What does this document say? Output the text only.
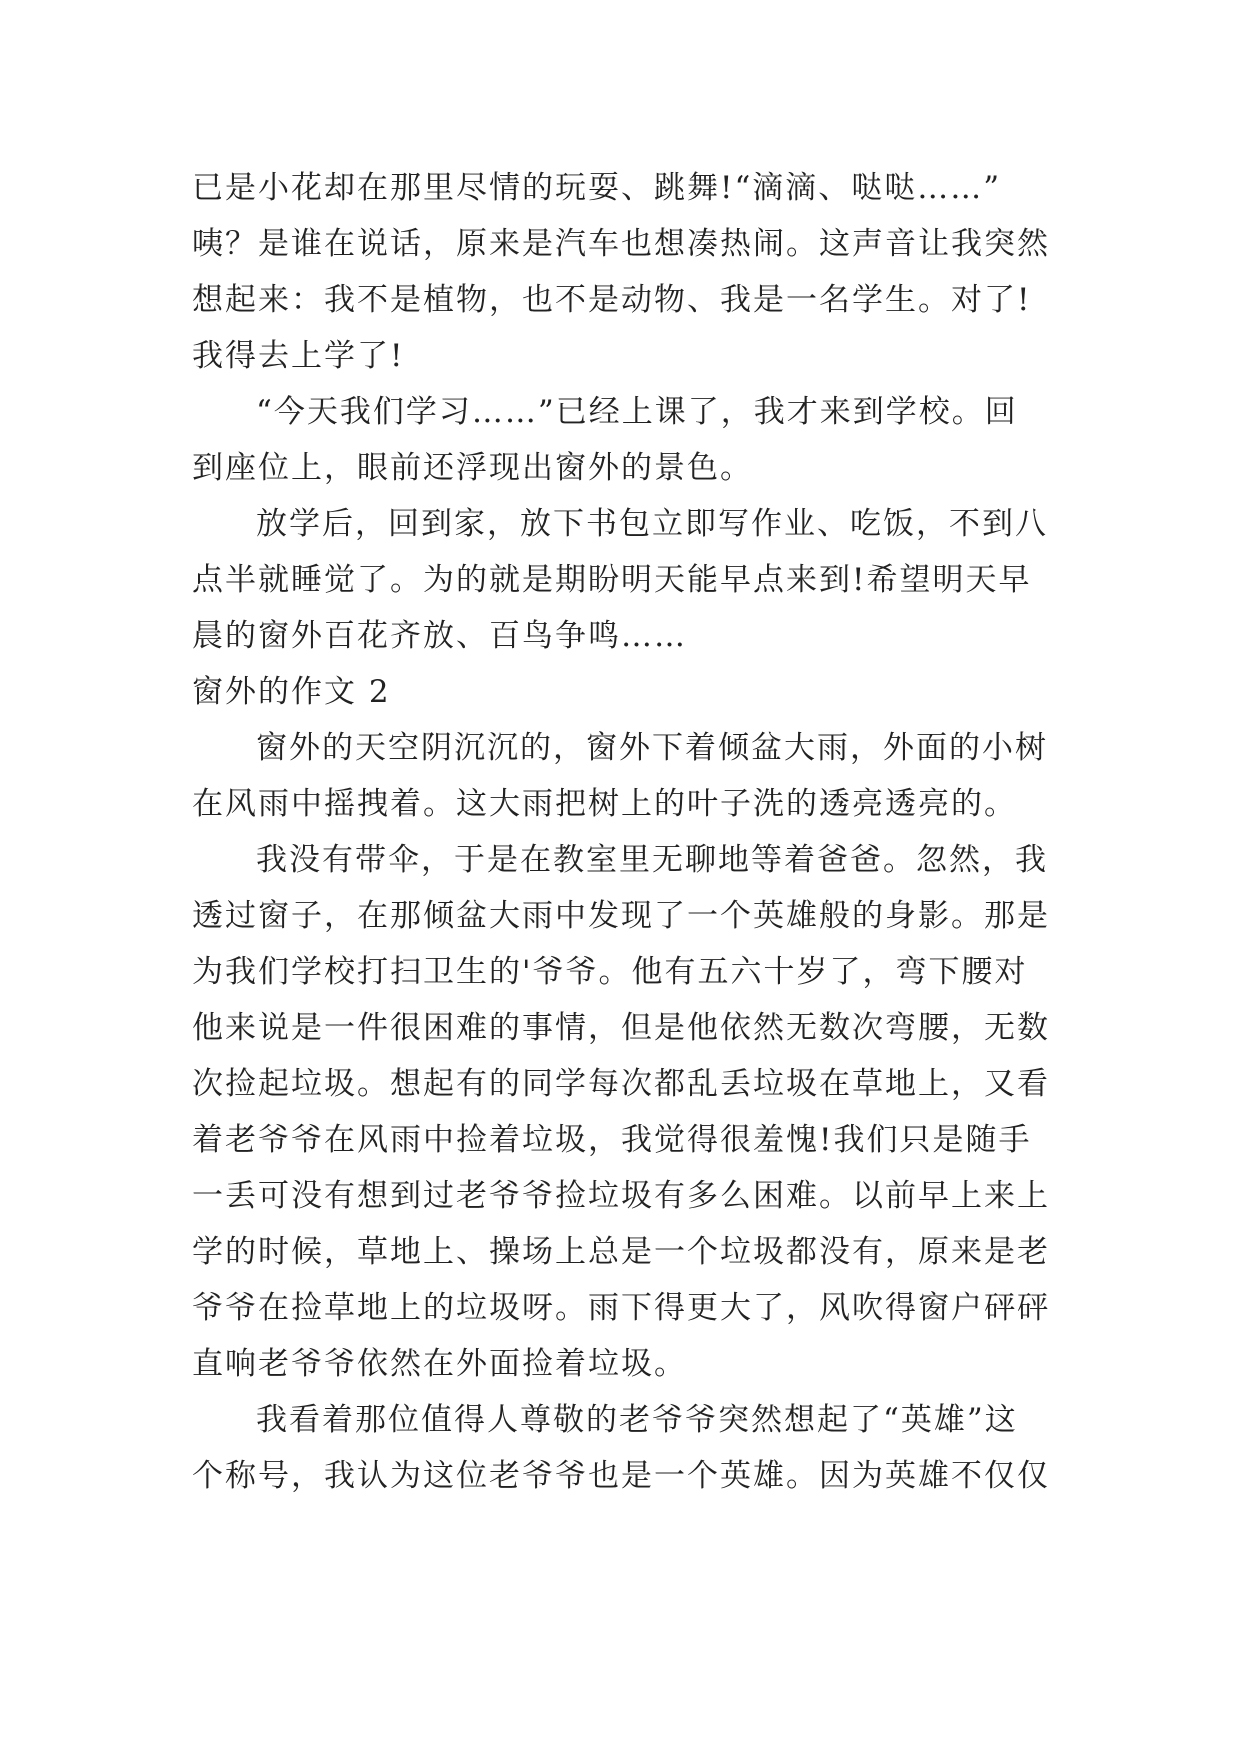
已是小花却在那里尽情的玩耍、跳舞!“滴滴、哒哒……”
咦？是谁在说话，原来是汽车也想凑热闹。这声音让我突然
想起来：我不是植物，也不是动物、我是一名学生。对了!
我得去上学了!
“今天我们学习……”已经上课了，我才来到学校。回
到座位上，眼前还浮现出窗外的景色。
放学后，回到家，放下书包立即写作业、吃饭，不到八
点半就睡觉了。为的就是期盼明天能早点来到!希望明天早
晨的窗外百花齐放、百鸟争鸣……
窗外的作文 2
窗外的天空阴沉沉的，窗外下着倾盆大雨，外面的小树
在风雨中摇拽着。这大雨把树上的叶子洗的透亮透亮的。
我没有带伞，于是在教室里无聊地等着爸爸。忽然，我
透过窗子，在那倾盆大雨中发现了一个英雄般的身影。那是
为我们学校打扫卫生的'爷爷。他有五六十岁了，弯下腰对
他来说是一件很困难的事情，但是他依然无数次弯腰，无数
次捡起垃圾。想起有的同学每次都乱丢垃圾在草地上，又看
着老爷爷在风雨中捡着垃圾，我觉得很羞愧!我们只是随手
一丢可没有想到过老爷爷捡垃圾有多么困难。以前早上来上
学的时候，草地上、操场上总是一个垃圾都没有，原来是老
爷爷在捡草地上的垃圾呀。雨下得更大了，风吹得窗户砰砰
直响老爷爷依然在外面捡着垃圾。
我看着那位值得人尊敬的老爷爷突然想起了“英雄”这
个称号，我认为这位老爷爷也是一个英雄。因为英雄不仅仅
